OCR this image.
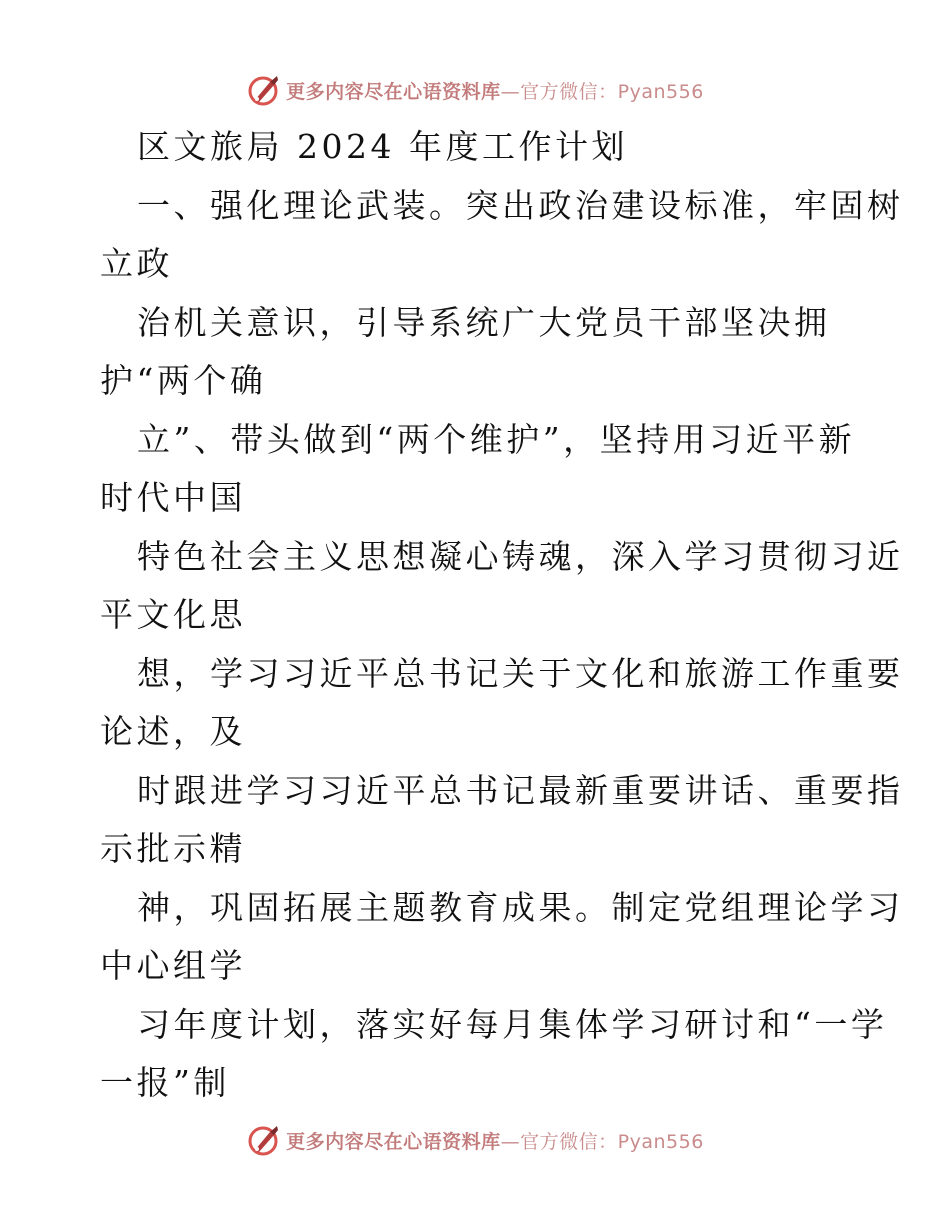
更多内容尽在心语资料库—官方微信：Pyan556
区文旅局 2024 年度工作计划
一、强化理论武装。突出政治建设标准，牢固树
立政
治机关意识，引导系统广大党员干部坚决拥
护“两个确
立”、带头做到“两个维护”，坚持用习近平新
时代中国
特色社会主义思想凝心铸魂，深入学习贯彻习近
平文化思
想，学习习近平总书记关于文化和旅游工作重要
论述，及
时跟进学习习近平总书记最新重要讲话、重要指
示批示精
神，巩固拓展主题教育成果。制定党组理论学习
中心组学
习年度计划，落实好每月集体学习研讨和“一学
一报”制
更多内容尽在心语资料库—官方微信：Pyan556
